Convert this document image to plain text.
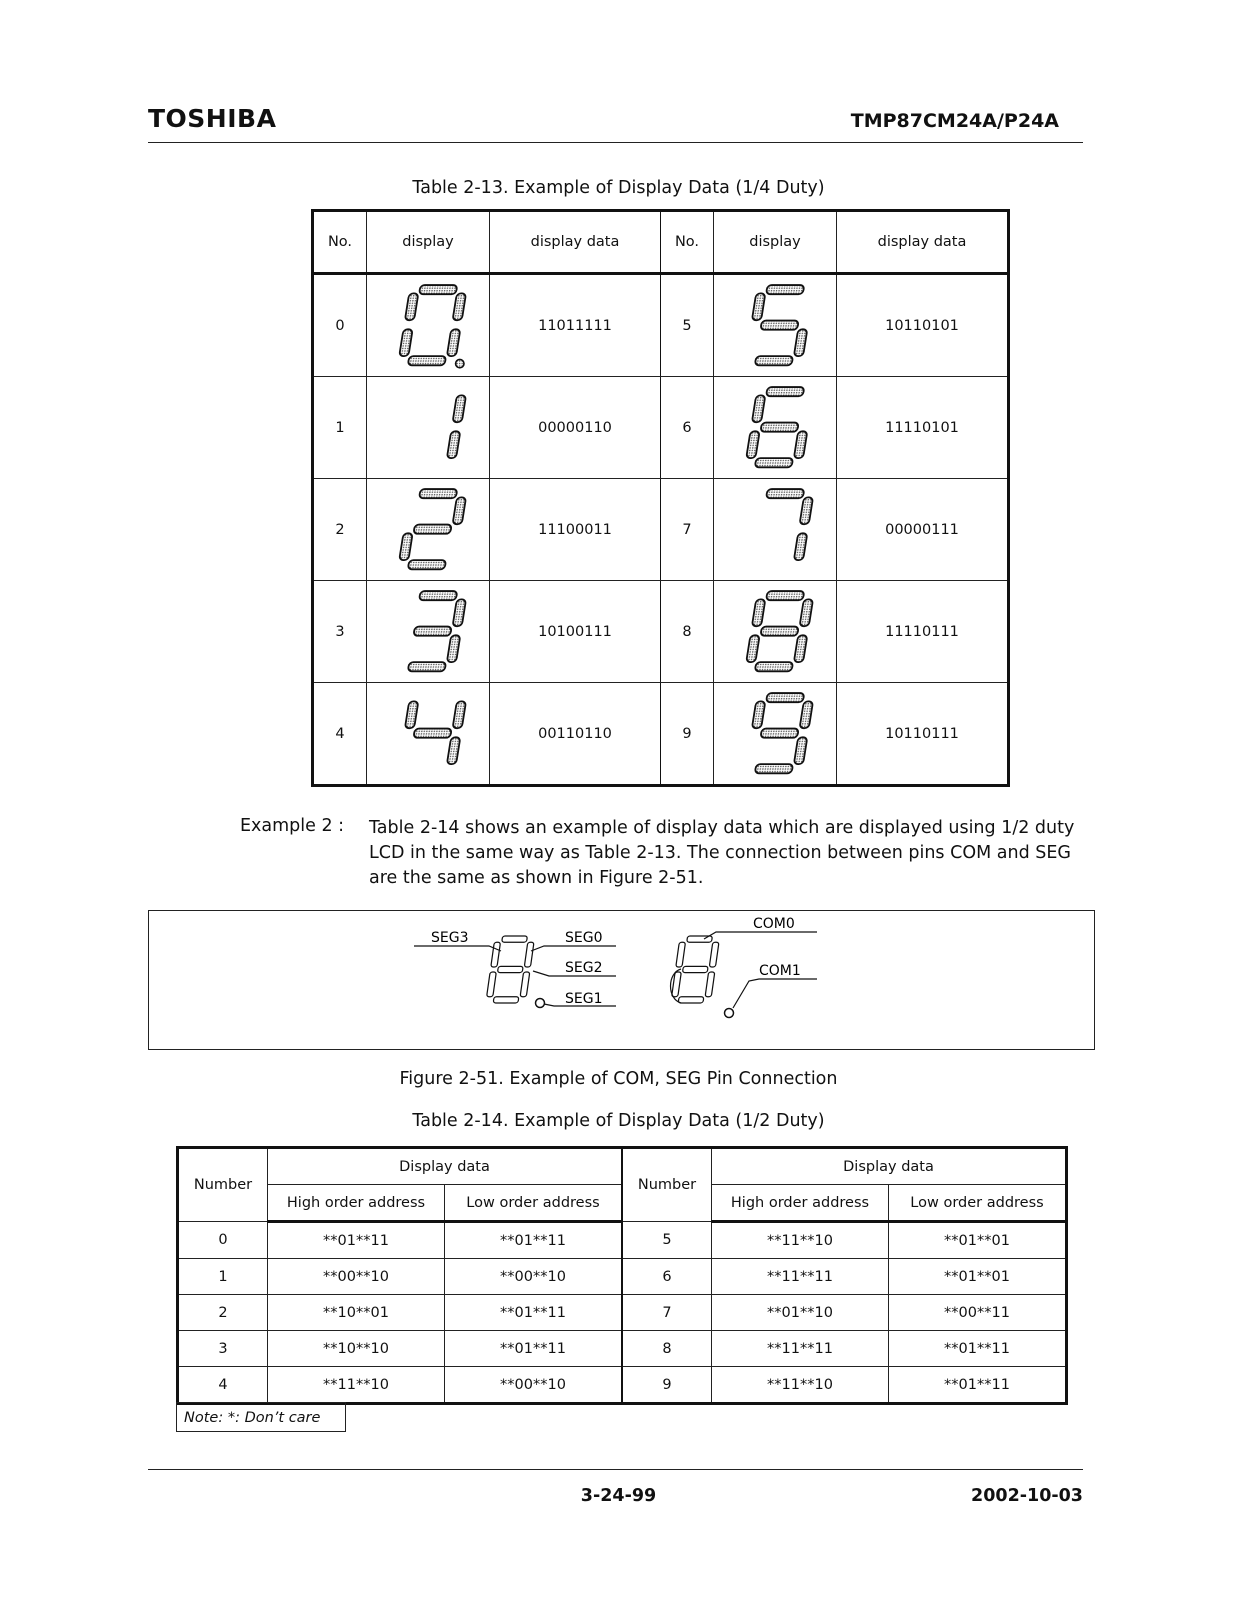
TOSHIBA	TMP87CM24A/P24A
Table 2-13. Example of Display Data (1/4 Duty)
No.	display	display data	No.	display	display data
0		11011111	5		10110101
1		00000110	6		11110101
2		11100011	7		00000111
3		10100111	8		11110111
4		00110110	9		10110111
Example 2 : Table 2-14 shows an example of display data which are displayed using 1/2 duty LCD in the same way as Table 2-13. The connection between pins COM and SEG are the same as shown in Figure 2-51.
SEG3	SEG0
SEG2
SEG1
COM0
COM1
Figure 2-51. Example of COM, SEG Pin Connection
Table 2-14. Example of Display Data (1/2 Duty)
Number	Display data		Number	Display data	
	High order address	Low order address		High order address	Low order address
0	**01**11	**01**11	5	**11**10	**01**01
1	**00**10	**00**10	6	**11**11	**01**01
2	**10**01	**01**11	7	**01**10	**00**11
3	**10**10	**01**11	8	**11**11	**01**11
4	**11**10	**00**10	9	**11**10	**01**11
Note: *: Don’t care
3-24-99	2002-10-03
